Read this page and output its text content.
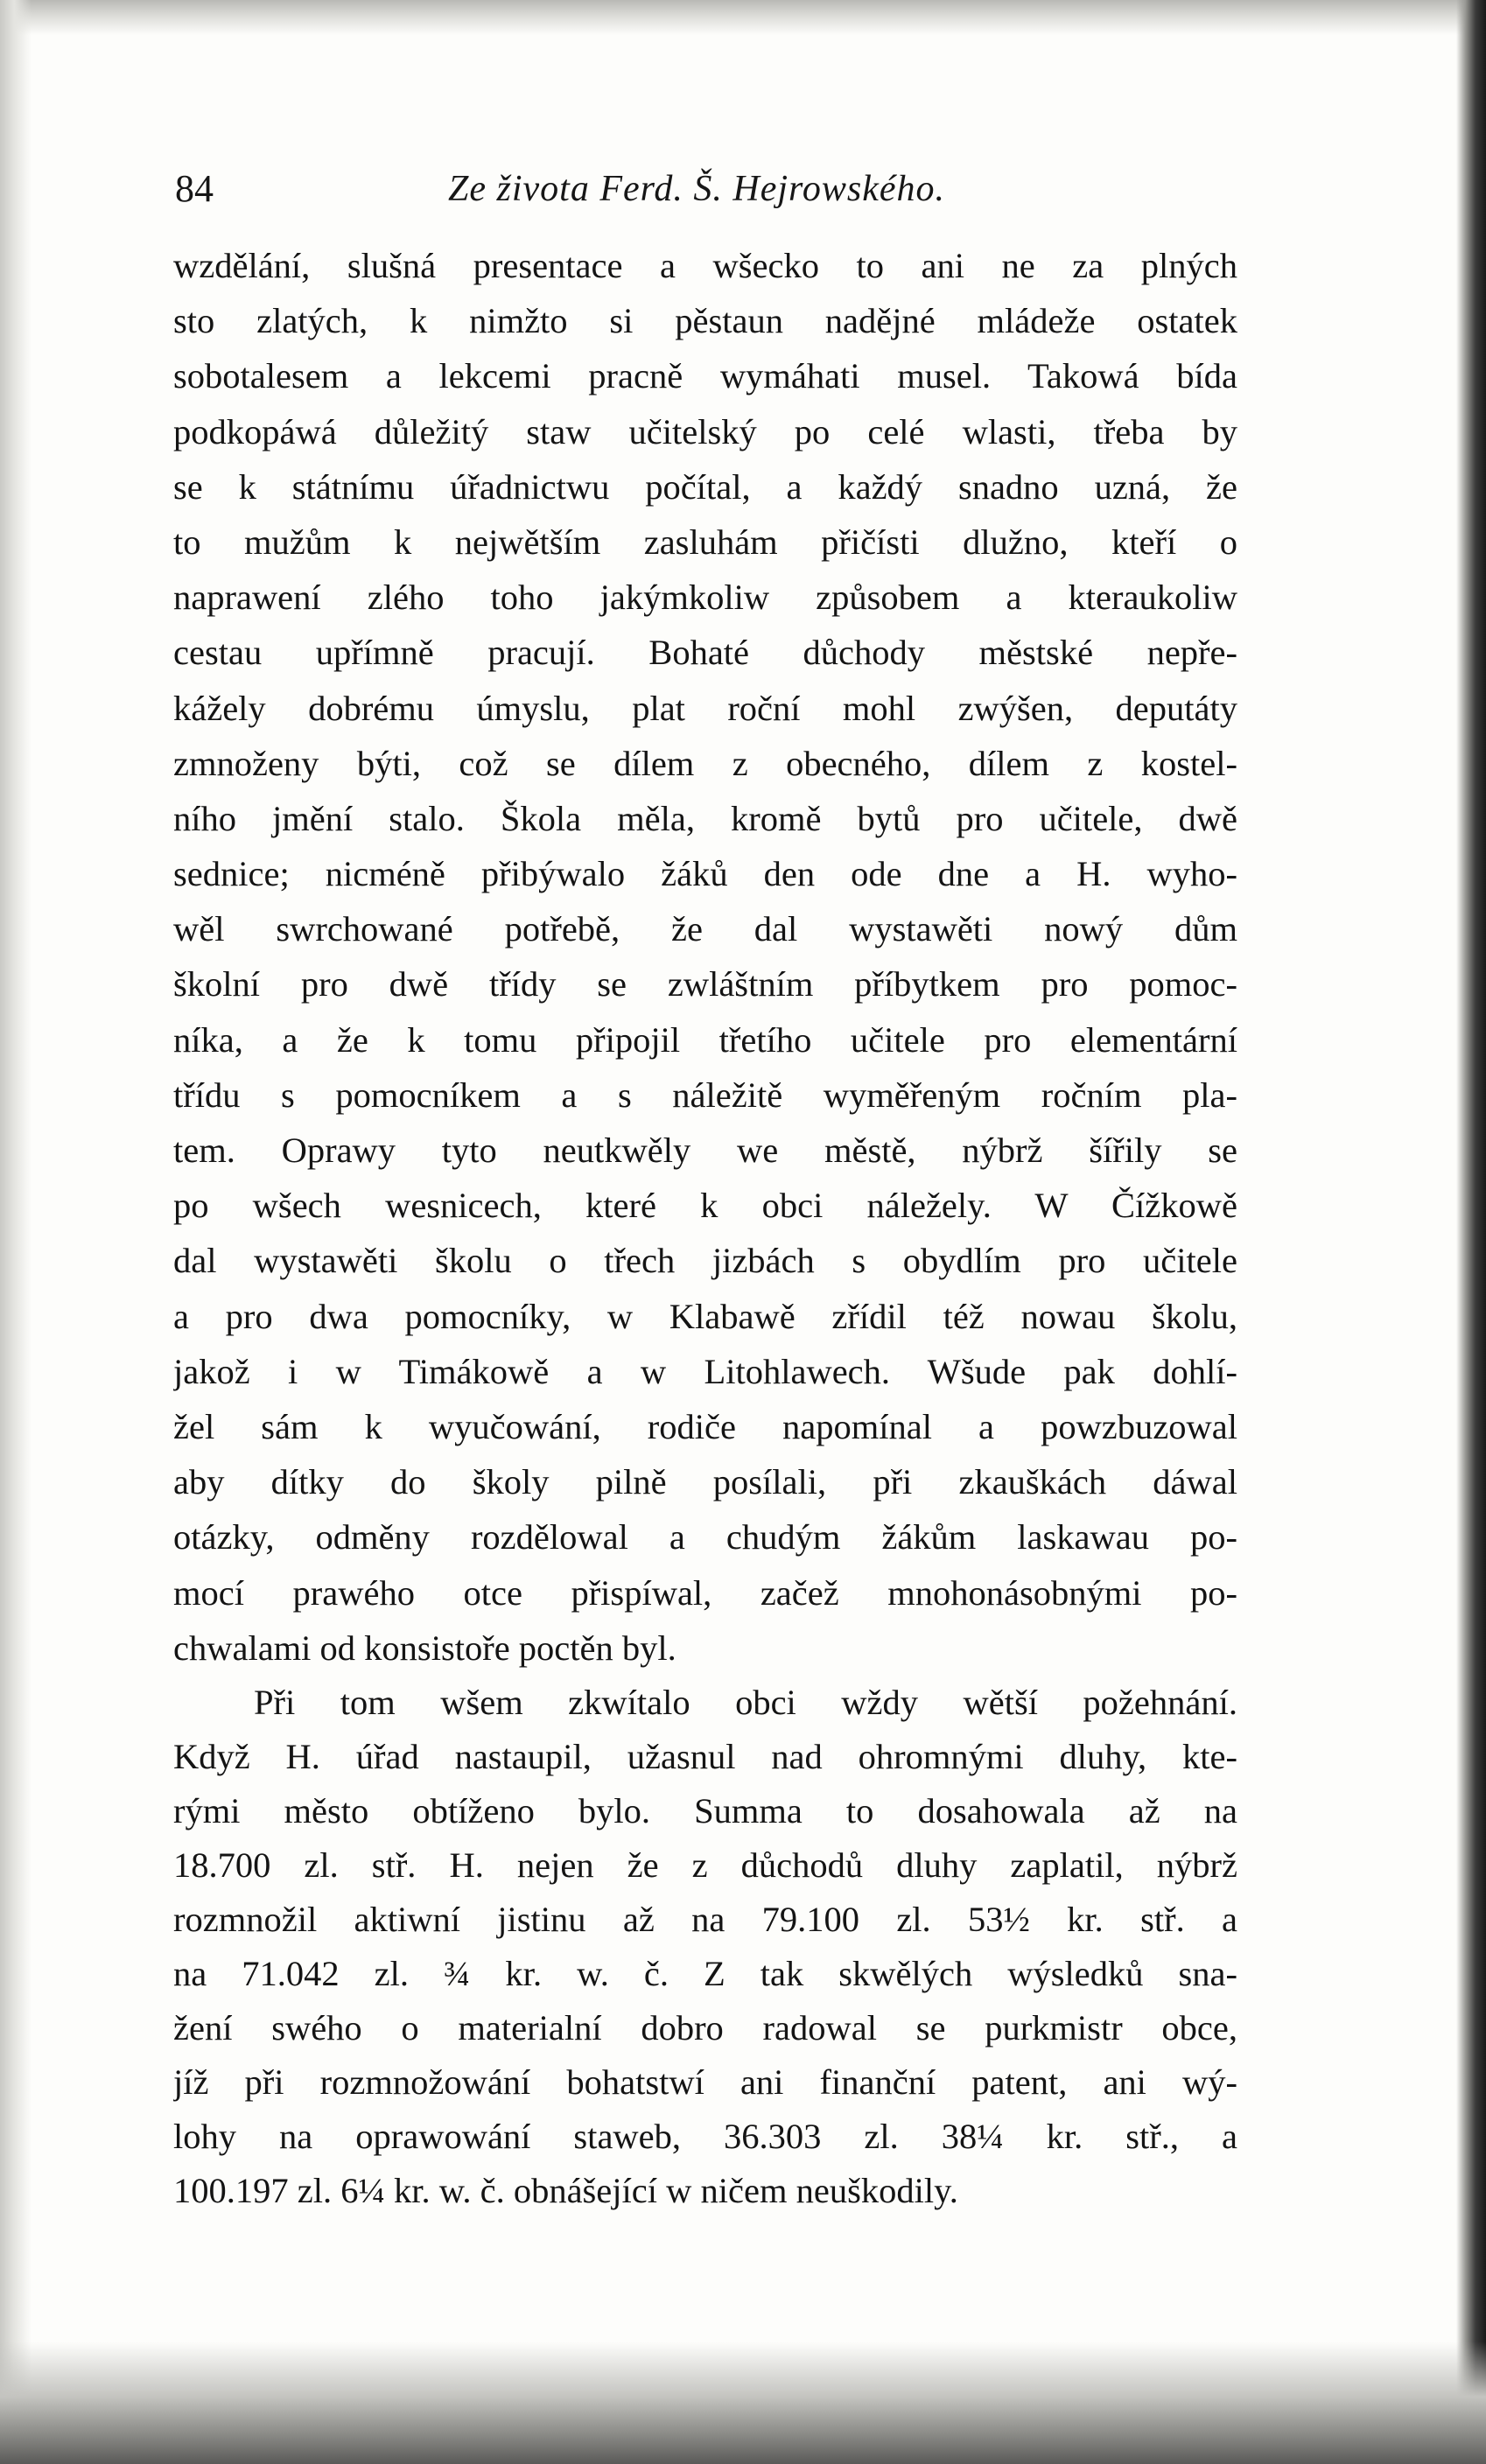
84	Ze života Ferd. Š. Hejrowského.
wzdělání, slušná presentace a wšecko to ani ne za plných
sto zlatých, k nimžto si pěstaun nadějné mládeže ostatek
sobotalesem a lekcemi pracně wymáhati musel. Takowá bída
podkopáwá důležitý staw učitelský po celé wlasti, třeba by
se k státnímu úřadnictwu počítal, a každý snadno uzná, že
to mužům k nejwětším zasluhám přičísti dlužno, kteří o
naprawení zlého toho jakýmkoliw způsobem a kteraukoliw
cestau upřímně pracují. Bohaté důchody městské nepře-
kážely dobrému úmyslu, plat roční mohl zwýšen, deputáty
zmnoženy býti, což se dílem z obecného, dílem z kostel-
ního jmění stalo. Škola měla, kromě bytů pro učitele, dwě
sednice; nicméně přibýwalo žáků den ode dne a H. wyho-
wěl swrchowané potřebě, že dal wystawěti nowý dům
školní pro dwě třídy se zwláštním příbytkem pro pomoc-
níka, a že k tomu připojil třetího učitele pro elementární
třídu s pomocníkem a s náležitě wyměřeným ročním pla-
tem. Oprawy tyto neutkwěly we městě, nýbrž šířily se
po wšech wesnicech, které k obci náležely. W Čížkowě
dal wystawěti školu o třech jizbách s obydlím pro učitele
a pro dwa pomocníky, w Klabawě zřídil též nowau školu,
jakož i w Timákowě a w Litohlawech. Wšude pak dohlí-
žel sám k wyučowání, rodiče napomínal a powzbuzowal
aby dítky do školy pilně posílali, při zkauškách dáwal
otázky, odměny rozdělowal a chudým žákům laskawau po-
mocí prawého otce přispíwal, začež mnohonásobnými po-
chwalami od konsistoře poctěn byl.
Při tom wšem zkwítalo obci wždy wětší požehnání.
Když H. úřad nastaupil, užasnul nad ohromnými dluhy, kte-
rými město obtíženo bylo. Summa to dosahowala až na
18.700 zl. stř. H. nejen že z důchodů dluhy zaplatil, nýbrž
rozmnožil aktiwní jistinu až na 79.100 zl. 53½ kr. stř. a
na 71.042 zl. ¾ kr. w. č. Z tak skwělých wýsledků sna-
žení swého o materialní dobro radowal se purkmistr obce,
jíž při rozmnožowání bohatstwí ani finanční patent, ani wý-
lohy na oprawowání staweb, 36.303 zl. 38¼ kr. stř., a
100.197 zl. 6¼ kr. w. č. obnášející w ničem neuškodily.
